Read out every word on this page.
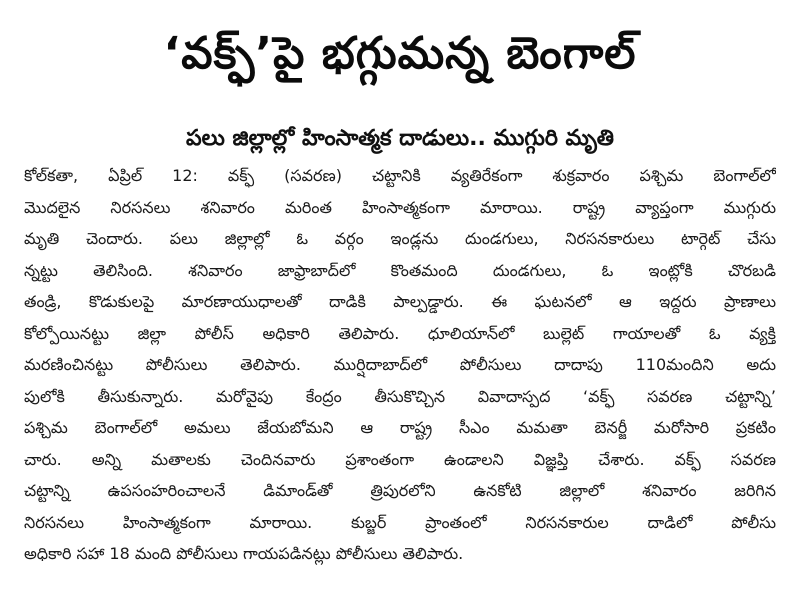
‘వక్ఫ్’పై భగ్గుమన్న బెంగాల్
పలు జిల్లాల్లో హింసాత్మక దాడులు.. ముగ్గురి మృతి
కోల్‌కతా, ఏప్రిల్ 12: వక్ఫ్ (సవరణ) చట్టానికి వ్యతిరేకంగా శుక్రవారం పశ్చిమ బెంగాల్‌లో
మొదలైన నిరసనలు శనివారం మరింత హింసాత్మకంగా మారాయి. రాష్ట్ర వ్యాప్తంగా ముగ్గురు
మృతి చెందారు. పలు జిల్లాల్లో ఓ వర్గం ఇండ్లను దుండగులు, నిరసనకారులు టార్గెట్ చేసు
న్నట్టు తెలిసింది. శనివారం జాఫ్రాబాద్‌లో కొంతమంది దుండగులు, ఓ ఇంట్లోకి చొరబడి
తండ్రి, కొడుకులపై మారణాయుధాలతో దాడికి పాల్పడ్డారు. ఈ ఘటనలో ఆ ఇద్దరు ప్రాణాలు
కోల్పోయినట్టు జిల్లా పోలీస్ అధికారి తెలిపారు. ధూలియాన్‌లో బుల్లెట్ గాయాలతో ఓ వ్యక్తి
మరణించినట్టు పోలీసులు తెలిపారు. ముర్షిదాబాద్‌లో పోలీసులు దాదాపు 110మందిని అదు
పులోకి తీసుకున్నారు. మరోవైపు కేంద్రం తీసుకొచ్చిన వివాదాస్పద ‘వక్ఫ్ సవరణ చట్టాన్ని’
పశ్చిమ బెంగాల్‌లో అమలు జేయబోమని ఆ రాష్ట్ర సీఎం మమతా బెనర్జీ మరోసారి ప్రకటిం
చారు. అన్ని మతాలకు చెందినవారు ప్రశాంతంగా ఉండాలని విజ్ఞప్తి చేశారు. వక్ఫ్ సవరణ
చట్టాన్ని ఉపసంహరించాలనే డిమాండ్‌తో త్రిపురలోని ఉనకోటి జిల్లాలో శనివారం జరిగిన
నిరసనలు హింసాత్మకంగా మారాయి. కుబ్జర్ ప్రాంతంలో నిరసనకారుల దాడిలో పోలీసు
అధికారి సహా 18 మంది పోలీసులు గాయపడినట్లు పోలీసులు తెలిపారు.
